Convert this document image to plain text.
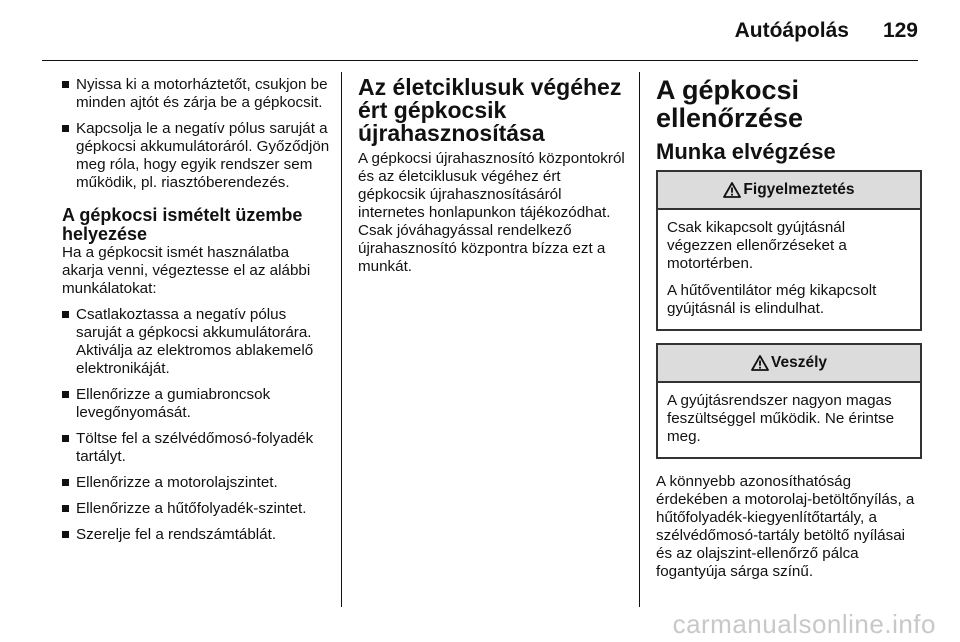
Autóápolás 129
Nyissa ki a motorháztetőt, csukjon be minden ajtót és zárja be a gépkocsit.
Kapcsolja le a negatív pólus saruját a gépkocsi akkumulátoráról. Győződjön meg róla, hogy egyik rendszer sem működik, pl. riasztóberendezés.
A gépkocsi ismételt üzembe helyezése

Ha a gépkocsit ismét használatba akarja venni, végeztesse el az alábbi munkálatokat:

Csatlakoztassa a negatív pólus saruját a gépkocsi akkumulátorára. Aktiválja az elektromos ablakemelő elektronikáját.
Ellenőrizze a gumiabroncsok levegőnyomását.
Töltse fel a szélvédőmosó-folyadék tartályt.
Ellenőrizze a motorolajszintet.
Ellenőrizze a hűtőfolyadék-szintet.
Szerelje fel a rendszámtáblát.
Az életciklusuk végéhez ért gépkocsik újrahasznosítása

A gépkocsi újrahasznosító központokról és az életciklusuk végéhez ért gépkocsik újrahasznosításáról internetes honlapunkon tájékozódhat. Csak jóváhagyással rendelkező újrahasznosító központra bízza ezt a munkát.

A gépkocsi ellenőrzése
Munka elvégzése
Figyelmeztetés

Csak kikapcsolt gyújtásnál végezzen ellenőrzéseket a motortérben.

A hűtőventilátor még kikapcsolt gyújtásnál is elindulhat.

Veszély

A gyújtásrendszer nagyon magas feszültséggel működik. Ne érintse meg.

A könnyebb azonosíthatóság érdekében a motorolaj-betöltőnyílás, a hűtőfolyadék-kiegyenlítőtartály, a szélvédőmosó-tartály betöltő nyílásai és az olajszint-ellenőrző pálca fogantyúja sárga színű.

carmanualsonline.info
